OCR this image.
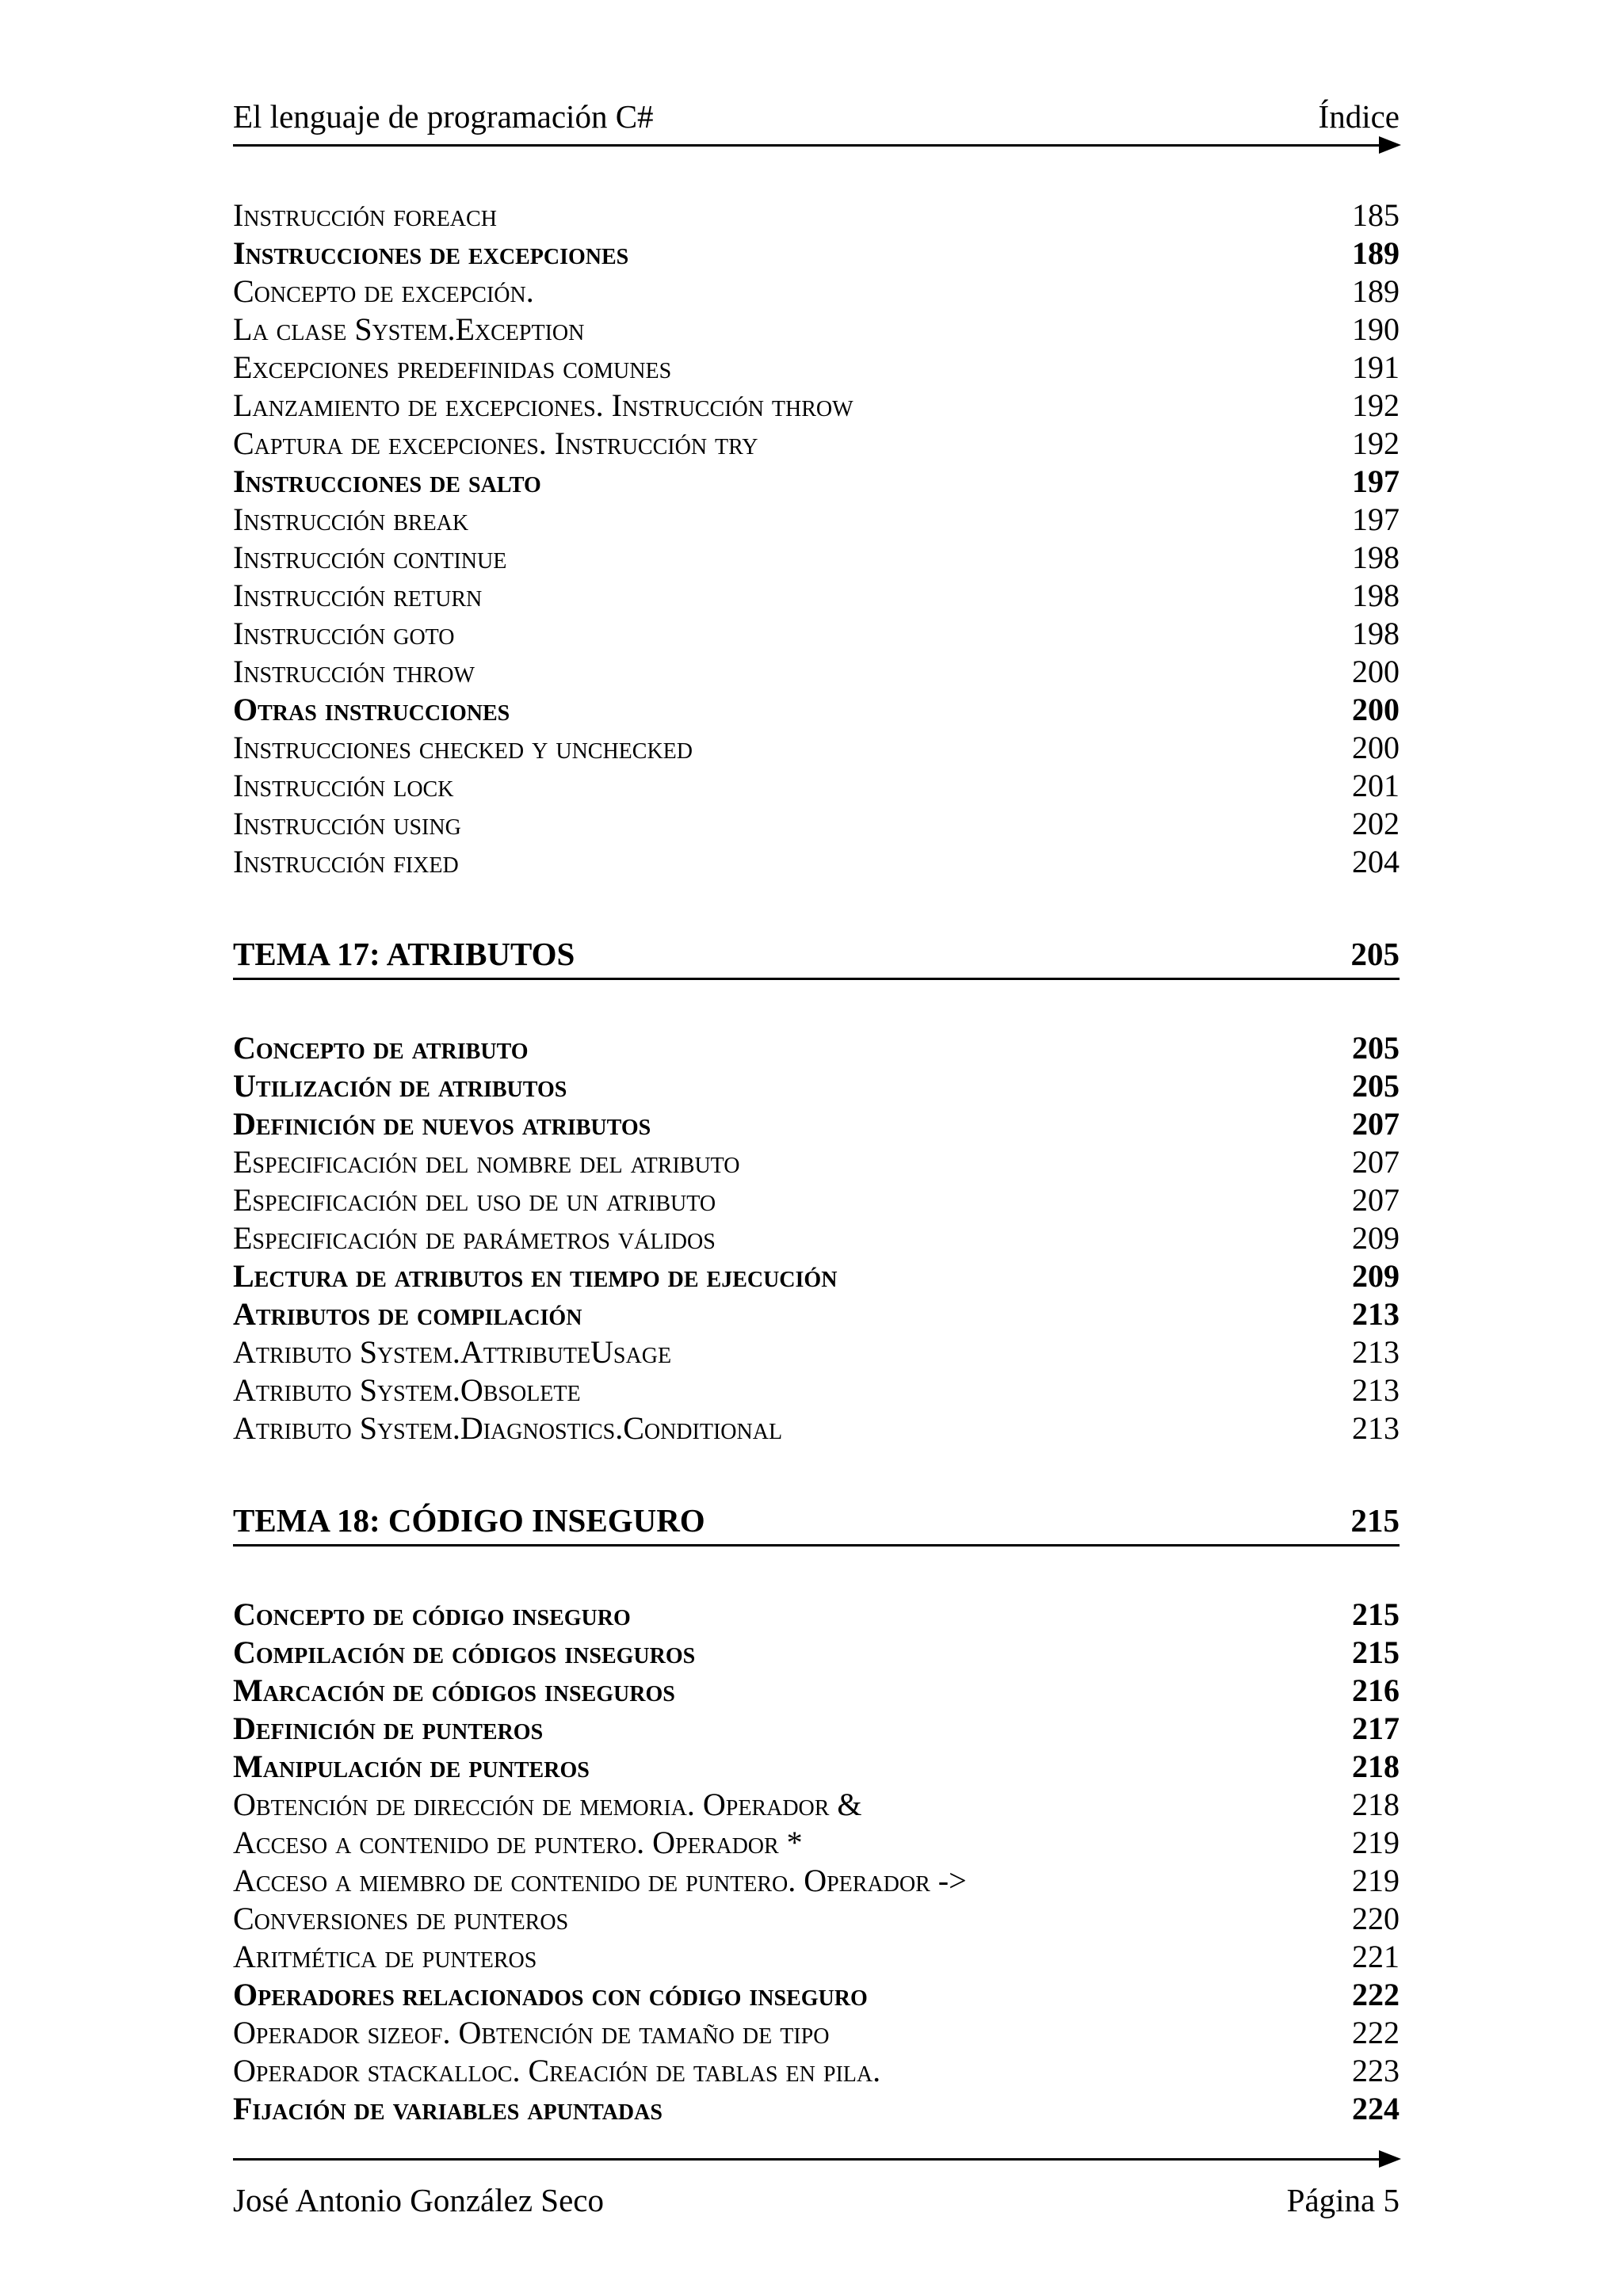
El lenguaje de programación C#	Índice
Instrucción foreach	185
Instrucciones de excepciones	189
Concepto de excepción.	189
La clase System.Exception	190
Excepciones predefinidas comunes	191
Lanzamiento de excepciones. Instrucción throw	192
Captura de excepciones. Instrucción try	192
Instrucciones de salto	197
Instrucción break	197
Instrucción continue	198
Instrucción return	198
Instrucción goto	198
Instrucción throw	200
Otras instrucciones	200
Instrucciones checked y unchecked	200
Instrucción lock	201
Instrucción using	202
Instrucción fixed	204
TEMA 17: ATRIBUTOS	205
Concepto de atributo	205
Utilización de atributos	205
Definición de nuevos atributos	207
Especificación del nombre del atributo	207
Especificación del uso de un atributo	207
Especificación de parámetros válidos	209
Lectura de atributos en tiempo de ejecución	209
Atributos de compilación	213
Atributo System.AttributeUsage	213
Atributo System.Obsolete	213
Atributo System.Diagnostics.Conditional	213
TEMA 18: CÓDIGO INSEGURO	215
Concepto de código inseguro	215
Compilación de códigos inseguros	215
Marcación de códigos inseguros	216
Definición de punteros	217
Manipulación de punteros	218
Obtención de dirección de memoria. Operador &	218
Acceso a contenido de puntero. Operador *	219
Acceso a miembro de contenido de puntero. Operador ->	219
Conversiones de punteros	220
Aritmética de punteros	221
Operadores relacionados con código inseguro	222
Operador sizeof. Obtención de tamaño de tipo	222
Operador stackalloc. Creación de tablas en pila.	223
Fijación de variables apuntadas	224
José Antonio González Seco	Página 5
